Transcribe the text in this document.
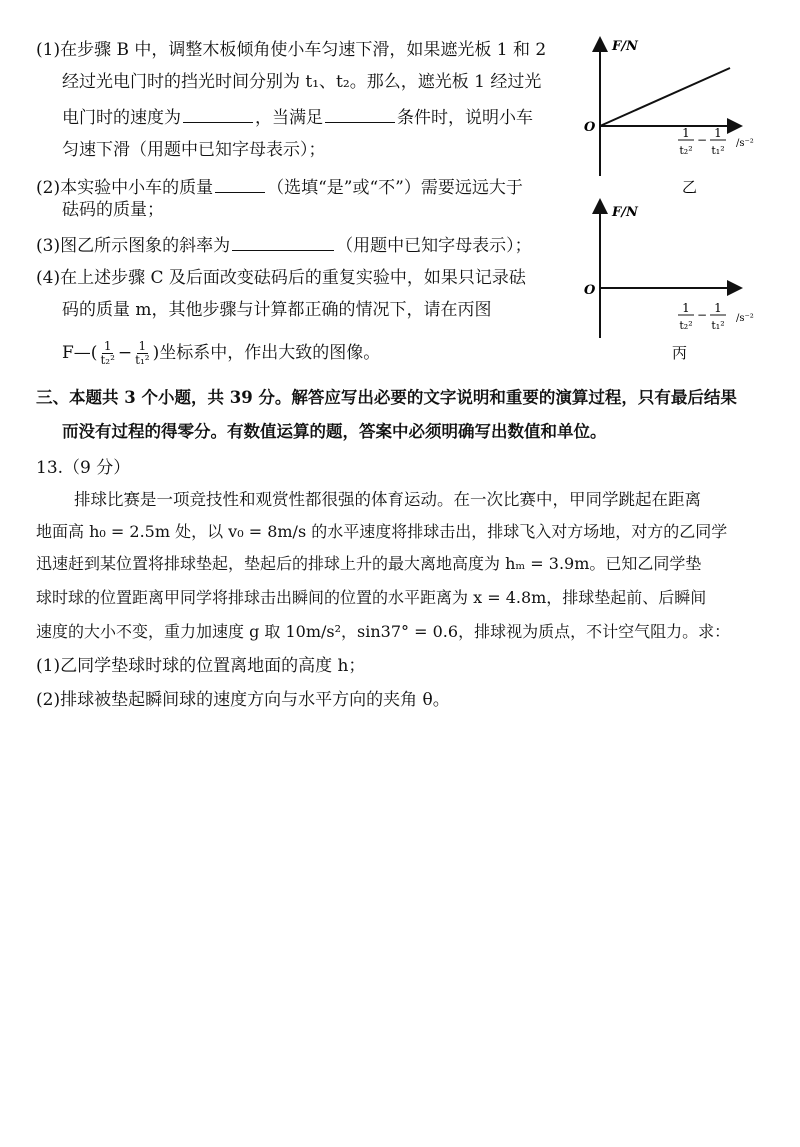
(1)在步骤 B 中，调整木板倾角使小车匀速下滑，如果遮光板 1 和 2
经过光电门时的挡光时间分别为 t₁、t₂。那么，遮光板 1 经过光
电门时的速度为	，当满足	条件时，说明小车
匀速下滑（用题中已知字母表示）；
(2)本实验中小车的质量	（选填“是”或“不”）需要远远大于
砝码的质量；
(3)图乙所示图象的斜率为	（用题中已知字母表示）；
(4)在上述步骤 C 及后面改变砝码后的重复实验中，如果只记录砝
码的质量 m，其他步骤与计算都正确的情况下，请在丙图
F—( $\frac{1}{\text{t₂²}} - \frac{1}{\text{t₁²}}$ )坐标系中，作出大致的图像。
F/N
O	1
t₂²
− 1
t₁²
/s⁻²
乙
F/N
O
1
t₂²
− 1
t₁²
/s⁻²
丙
三、本题共 3 个小题，共 39 分。解答应写出必要的文字说明和重要的演算过程，只有最后结果
而没有过程的得零分。有数值运算的题，答案中必须明确写出数值和单位。
13.（9 分）
排球比赛是一项竞技性和观赏性都很强的体育运动。在一次比赛中，甲同学跳起在距离
地面高 h₀ = 2.5m 处，以 v₀ = 8m/s 的水平速度将排球击出，排球飞入对方场地，对方的乙同学
迅速赶到某位置将排球垫起，垫起后的排球上升的最大离地高度为 hₘ = 3.9m。已知乙同学垫
球时球的位置距离甲同学将排球击出瞬间的位置的水平距离为 x = 4.8m，排球垫起前、后瞬间
速度的大小不变，重力加速度 g 取 10m/s²，sin37° = 0.6，排球视为质点，不计空气阻力。求：
(1)乙同学垫球时球的位置离地面的高度 h；
(2)排球被垫起瞬间球的速度方向与水平方向的夹角 θ。
